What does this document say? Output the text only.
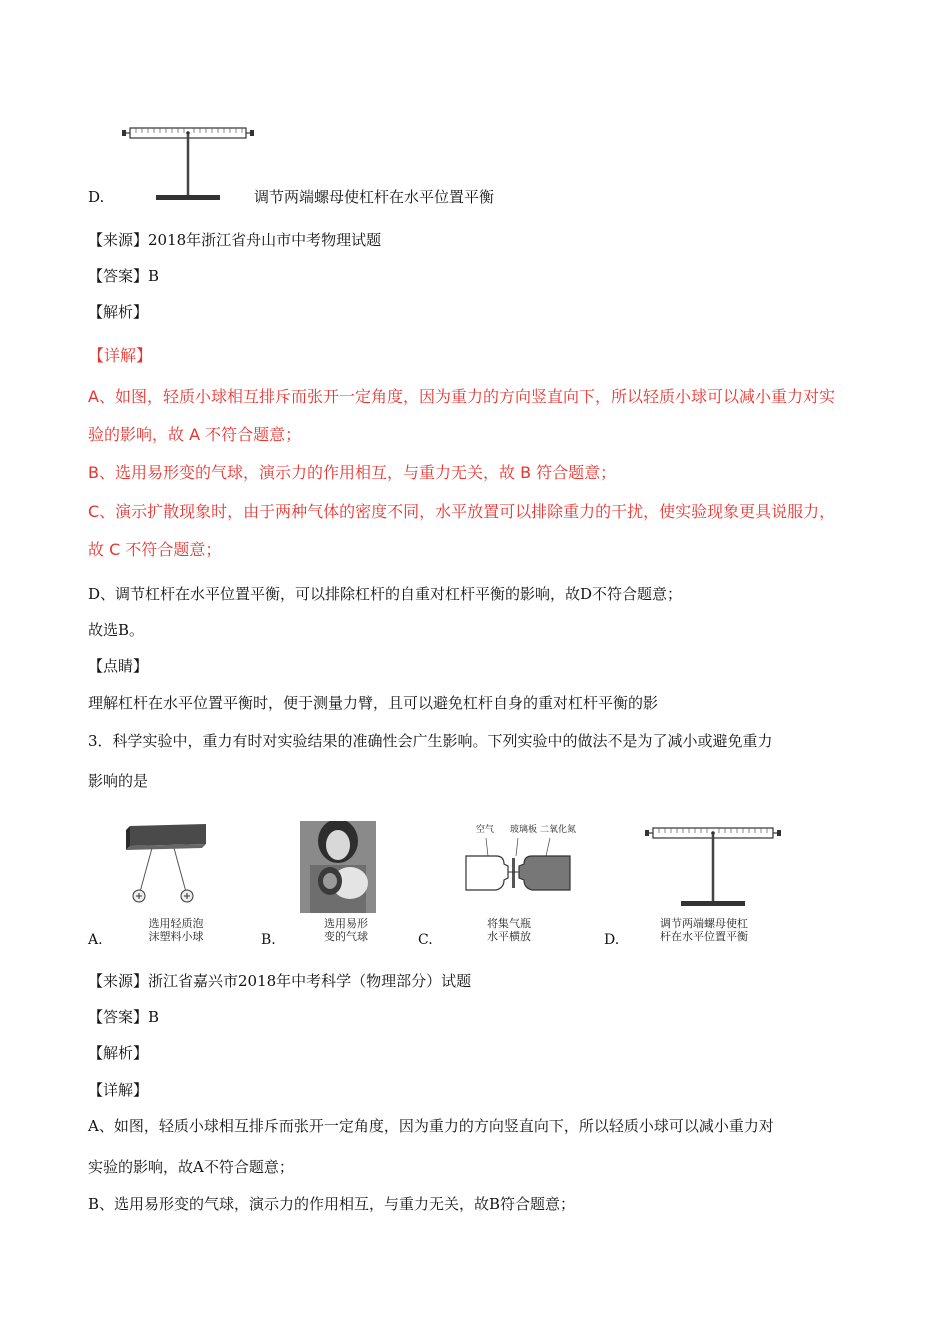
D.	调节两端螺母使杠杆在水平位置平衡
【来源】2018年浙江省舟山市中考物理试题
【答案】B
【解析】
【详解】
A、如图，轻质小球相互排斥而张开一定角度，因为重力的方向竖直向下，所以轻质小球可以减小重力对实
验的影响，故 A 不符合题意；
B、选用易形变的气球，演示力的作用相互，与重力无关，故 B 符合题意；
C、演示扩散现象时，由于两种气体的密度不同，水平放置可以排除重力的干扰，使实验现象更具说服力，
故 C 不符合题意；
D、调节杠杆在水平位置平衡，可以排除杠杆的自重对杠杆平衡的影响，故D不符合题意；
故选B。
【点睛】
理解杠杆在水平位置平衡时，便于测量力臂，且可以避免杠杆自身的重对杠杆平衡的影
3．科学实验中，重力有时对实验结果的准确性会广生影响。下列实验中的做法不是为了减小或避免重力
影响的是
选用轻质泡
沫塑料小球
A.
选用易形
变的气球
B.
空气 玻璃板 二氧化氮
将集气瓶
水平横放
C.
调节两端螺母使杠
杆在水平位置平衡
D.
【来源】浙江省嘉兴市2018年中考科学（物理部分）试题
【答案】B
【解析】
【详解】
A、如图，轻质小球相互排斥而张开一定角度，因为重力的方向竖直向下，所以轻质小球可以减小重力对
实验的影响，故A不符合题意；
B、选用易形变的气球，演示力的作用相互，与重力无关，故B符合题意；
